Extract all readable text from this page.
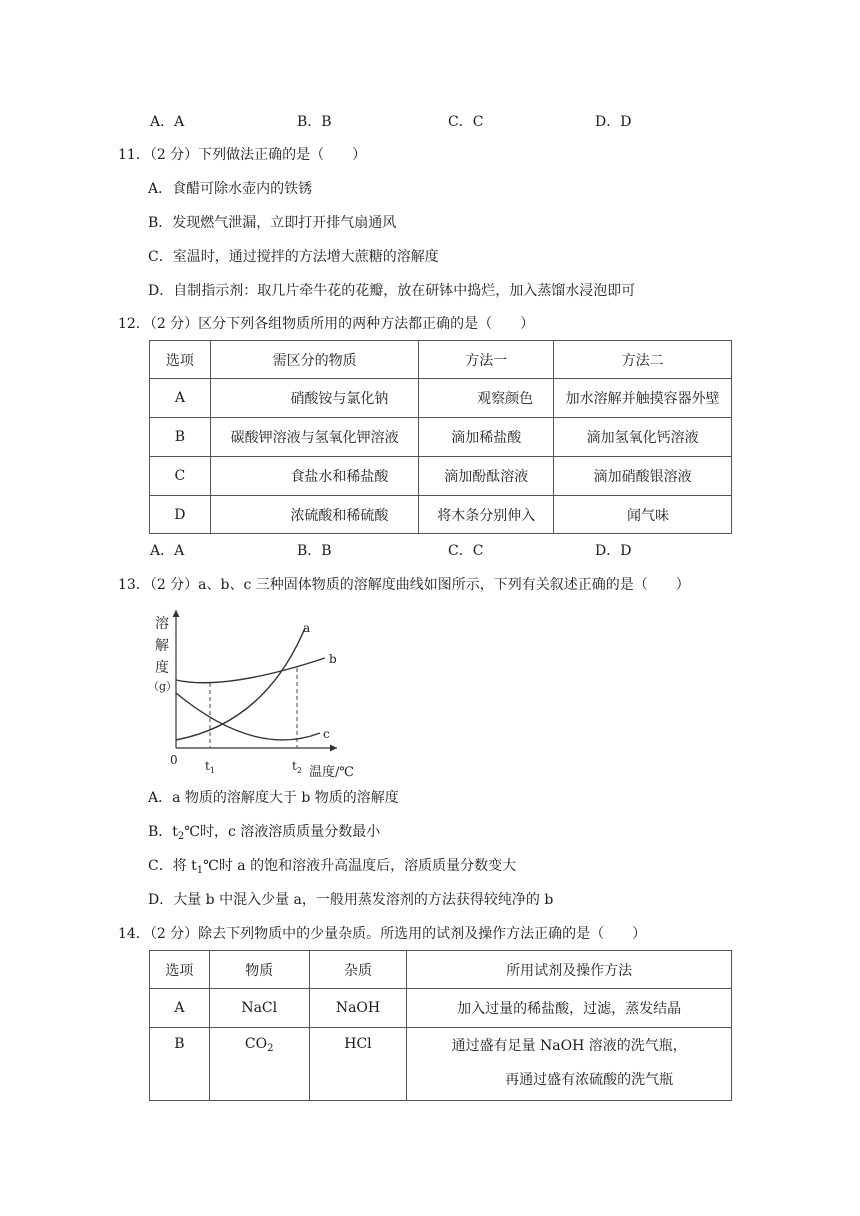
A．A	B．B	C．C	D．D
11．（2 分）下列做法正确的是（　　）
A．食醋可除水壶内的铁锈
B．发现燃气泄漏，立即打开排气扇通风
C．室温时，通过搅拌的方法增大蔗糖的溶解度
D．自制指示剂：取几片牵牛花的花瓣，放在研钵中捣烂，加入蒸馏水浸泡即可
12．（2 分）区分下列各组物质所用的两种方法都正确的是（　　）
选项	需区分的物质	方法一	方法二
A	硝酸铵与氯化钠	观察颜色	加水溶解并触摸容器外壁
B	碳酸钾溶液与氢氧化钾溶液	滴加稀盐酸	滴加氢氧化钙溶液
C	食盐水和稀盐酸	滴加酚酞溶液	滴加硝酸银溶液
D	浓硫酸和稀硫酸	将木条分别伸入	闻气味
A．A	B．B	C．C	D．D
13．（2 分）a、b、c 三种固体物质的溶解度曲线如图所示，下列有关叙述正确的是（　　）
溶
解
度
（g）
0 $t_1$	$t_2$ 温度/℃
a
b
c
A．a 物质的溶解度大于 b 物质的溶解度
B．$t_2℃$时，c 溶液溶质质量分数最小
C．将 $t_1℃$时 a 的饱和溶液升高温度后，溶质质量分数变大
D．大量 b 中混入少量 a，一般用蒸发溶剂的方法获得较纯净的 b
14．（2 分）除去下列物质中的少量杂质。所选用的试剂及操作方法正确的是（　　）
选项	物质	杂质	所用试剂及操作方法
A	NaCl	NaOH	加入过量的稀盐酸，过滤，蒸发结晶
B	$CO_2$	HCl	通过盛有足量 NaOH 溶液的洗气瓶，
再通过盛有浓硫酸的洗气瓶
